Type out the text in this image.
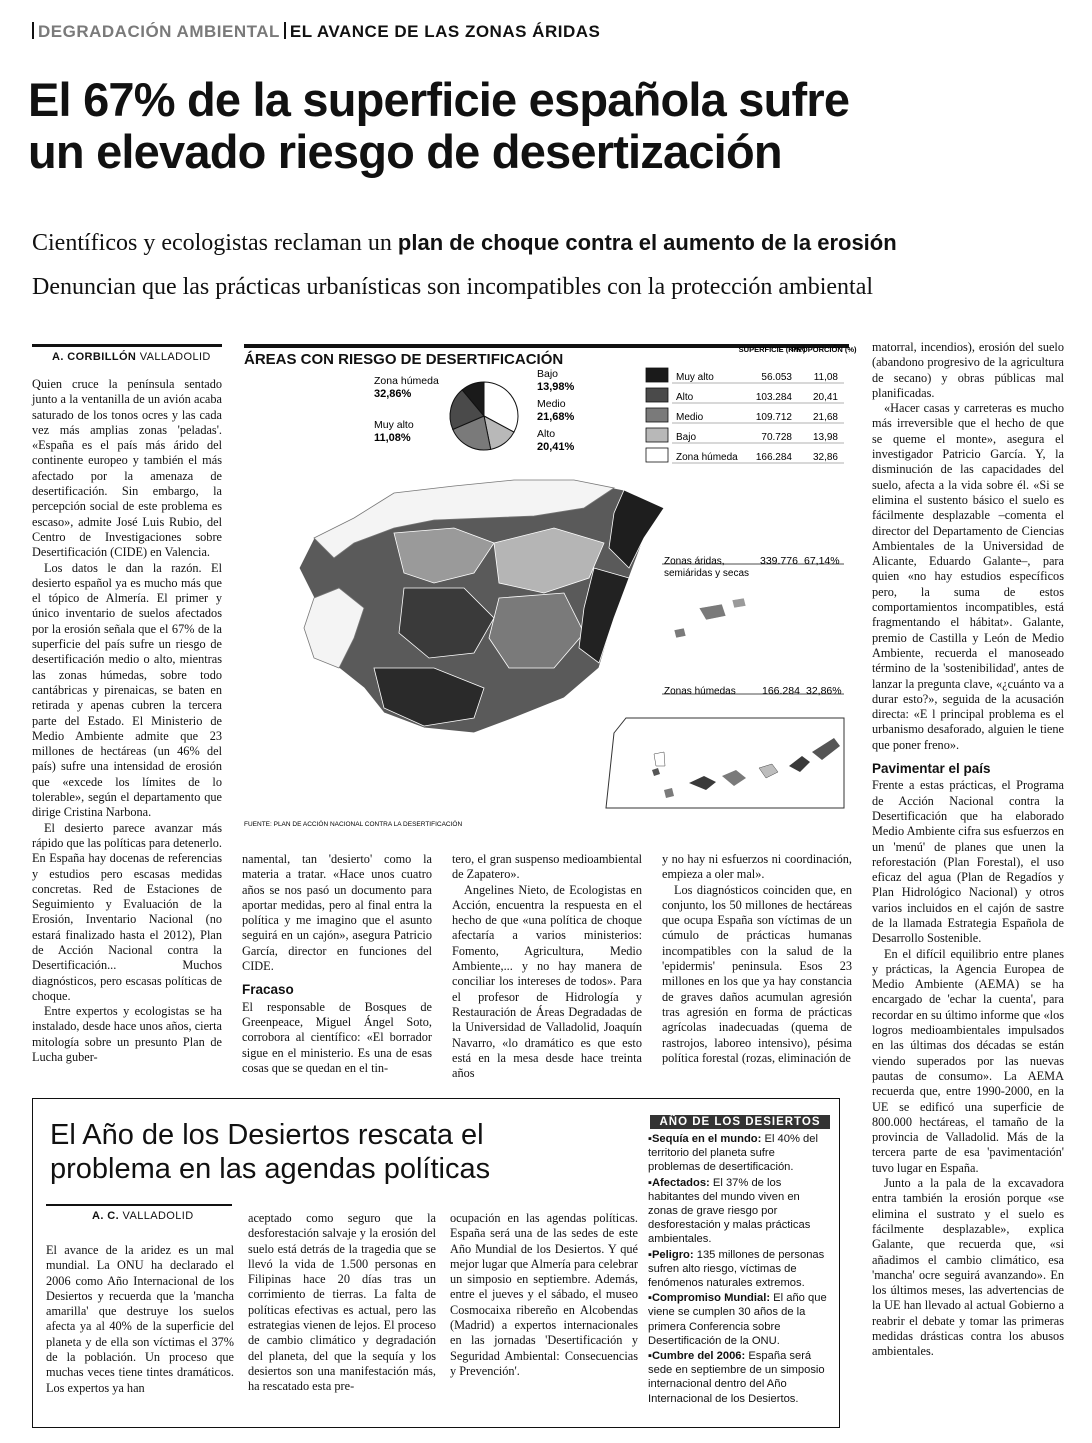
DEGRADACIÓN AMBIENTAL EL AVANCE DE LAS ZONAS ÁRIDAS
El 67% de la superficie española sufre
un elevado riesgo de desertización
Científicos y ecologistas reclaman un plan de choque contra el aumento de la erosión
Denuncian que las prácticas urbanísticas son incompatibles con la protección ambiental
A. CORBILLÓN VALLADOLID

Quien cruce la península sentado junto a la ventanilla de un avión acaba saturado de los tonos ocres y las cada vez más amplias zonas 'peladas'. «España es el país más árido del continente europeo y también el más afectado por la amenaza de desertificación. Sin embargo, la percepción social de este problema es escaso», admite José Luis Rubio, del Centro de Investigaciones sobre Desertificación (CIDE) en Valencia.

Los datos le dan la razón. El desierto español ya es mucho más que el tópico de Almería. El primer y único inventario de suelos afectados por la erosión señala que el 67% de la superficie del país sufre un riesgo de desertificación medio o alto, mientras las zonas húmedas, sobre todo cantábricas y pirenaicas, se baten en retirada y apenas cubren la tercera parte del Estado. El Ministerio de Medio Ambiente admite que 23 millones de hectáreas (un 46% del país) sufre una intensidad de erosión que «excede los límites de lo tolerable», según el departamento que dirige Cristina Narbona.

El desierto parece avanzar más rápido que las políticas para detenerlo. En España hay docenas de referencias y estudios pero escasas medidas concretas. Red de Estaciones de Seguimiento y Evaluación de la Erosión, Inventario Nacional (no estará finalizado hasta el 2012), Plan de Acción Nacional contra la Desertificación... Muchos diagnósticos, pero escasas políticas de choque.

Entre expertos y ecologistas se ha instalado, desde hace unos años, cierta mitología sobre un presunto Plan de Lucha guber-

ÁREAS CON RIESGO DE DESERTIFICACIÓN
Zona húmeda
32,86%
Muy alto
11,08%
Bajo
13,98%
Medio
21,68%
Alto
20,41%
SUPERFICIE (Km²)
PROPORCIÓN (%)
Muy alto	56.053 11,08
Alto	103.284 20,41
Medio	109.712 21,68
Bajo	70.728 13,98
Zona húmeda 166.284 32,86
Zonas áridas,
semiáridas y secas
339.776 67,14%
Zonas húmedas	166.284 32,86%
FUENTE: PLAN DE ACCIÓN NACIONAL CONTRA LA DESERTIFICACIÓN

namental, tan 'desierto' como la materia a tratar. «Hace unos cuatro años se nos pasó un documento para aportar medidas, pero al final entra la política y me imagino que el asunto seguirá en un cajón», asegura Patricio García, director en funciones del CIDE.

Fracaso

El responsable de Bosques de Greenpeace, Miguel Ángel Soto, corrobora al científico: «El borrador sigue en el ministerio. Es una de esas cosas que se quedan en el tin-

tero, el gran suspenso medioambiental de Zapatero».

Angelines Nieto, de Ecologistas en Acción, encuentra la respuesta en el hecho de que «una política de choque afectaría a varios ministerios: Fomento, Agricultura, Medio Ambiente,... y no hay manera de conciliar los intereses de todos». Para el profesor de Hidrología y Restauración de Áreas Degradadas de la Universidad de Valladolid, Joaquín Navarro, «lo dramático es que esto está en la mesa desde hace treinta años

y no hay ni esfuerzos ni coordinación, empieza a oler mal».

Los diagnósticos coinciden que, en conjunto, los 50 millones de hectáreas que ocupa España son víctimas de un cúmulo de prácticas humanas incompatibles con la salud de la 'epidermis' peninsula. Esos 23 millones en los que ya hay constancia de graves daños acumulan agresión tras agresión en forma de prácticas agrícolas inadecuadas (quema de rastrojos, laboreo intensivo), pésima política forestal (rozas, eliminación de

matorral, incendios), erosión del suelo (abandono progresivo de la agricultura de secano) y obras públicas mal planificadas.

«Hacer casas y carreteras es mucho más irreversible que el hecho de que se queme el monte», asegura el investigador Patricio García. Y, la disminución de las capacidades del suelo, afecta a la vida sobre él. «Si se elimina el sustento básico el suelo es fácilmente desplazable –comenta el director del Departamento de Ciencias Ambientales de la Universidad de Alicante, Eduardo Galante–, para quien «no hay estudios específicos pero, la suma de estos comportamientos incompatibles, está fragmentando el hábitat». Galante, premio de Castilla y León de Medio Ambiente, recuerda el manoseado término de la 'sostenibilidad', antes de lanzar la pregunta clave, «¿cuánto va a durar esto?», seguida de la acusación directa: «E l principal problema es el urbanismo desaforado, alguien le tiene que poner freno».

Pavimentar el país

Frente a estas prácticas, el Programa de Acción Nacional contra la Desertificación que ha elaborado Medio Ambiente cifra sus esfuerzos en un 'menú' de planes que unen la reforestación (Plan Forestal), el uso eficaz del agua (Plan de Regadíos y Plan Hidrológico Nacional) y otros varios incluidos en el cajón de sastre de la llamada Estrategia Española de Desarrollo Sostenible.

En el difícil equilibrio entre planes y prácticas, la Agencia Europea de Medio Ambiente (AEMA) se ha encargado de 'echar la cuenta', para recordar en su último informe que «los logros medioambientales impulsados en las últimas dos décadas se están viendo superados por las nuevas pautas de consumo». La AEMA recuerda que, entre 1990-2000, en la UE se edificó una superficie de 800.000 hectáreas, el tamaño de la provincia de Valladolid. Más de la tercera parte de esa 'pavimentación' tuvo lugar en España.

Junto a la pala de la excavadora entra también la erosión porque «se elimina el sustrato y el suelo es fácilmente desplazable», explica Galante, que recuerda que, «si añadimos el cambio climático, esa 'mancha' ocre seguirá avanzando». En los últimos meses, las advertencias de la UE han llevado al actual Gobierno a reabrir el debate y tomar las primeras medidas drásticas contra los abusos ambientales.

El Año de los Desiertos rescata el
problema en las agendas políticas
A. C. VALLADOLID

El avance de la aridez es un mal mundial. La ONU ha declarado el 2006 como Año Internacional de los Desiertos y recuerda que la 'mancha amarilla' que destruye los suelos afecta ya al 40% de la superficie del planeta y de ella son víctimas el 37% de la población. Un proceso que muchas veces tiene tintes dramáticos. Los expertos ya han

aceptado como seguro que la desforestación salvaje y la erosión del suelo está detrás de la tragedia que se llevó la vida de 1.500 personas en Filipinas hace 20 días tras un corrimiento de tierras. La falta de políticas efectivas es actual, pero las estrategias vienen de lejos. El proceso de cambio climático y degradación del planeta, del que la sequía y los desiertos son una manifestación más, ha rescatado esta pre-

ocupación en las agendas políticas. España será una de las sedes de este Año Mundial de los Desiertos. Y qué mejor lugar que Almería para celebrar un simposio en septiembre. Además, entre el jueves y el sábado, el museo Cosmocaixa ribereño en Alcobendas (Madrid) a expertos internacionales en las jornadas 'Desertificación y Seguridad Ambiental: Consecuencias y Prevención'.

AÑO DE LOS DESIERTOS
▪Sequía en el mundo: El 40% del territorio del planeta sufre problemas de desertificación.
▪Afectados: El 37% de los habitantes del mundo viven en zonas de grave riesgo por desforestación y malas prácticas ambientales.
▪Peligro: 135 millones de personas sufren alto riesgo, víctimas de fenómenos naturales extremos.
▪Compromiso Mundial: El año que viene se cumplen 30 años de la primera Conferencia sobre Desertificación de la ONU.
▪Cumbre del 2006: España será sede en septiembre de un simposio internacional dentro del Año Internacional de los Desiertos.
